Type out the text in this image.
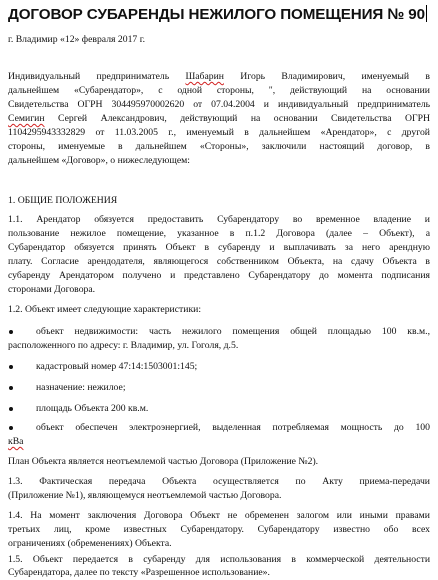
ДОГОВОР СУБАРЕНДЫ НЕЖИЛОГО ПОМЕЩЕНИЯ № 90
г. Владимир «12» февраля 2017 г.
Индивидуальный предприниматель Шабарин Игорь Владимирович, именуемый в
дальнейшем «Субарендатор», с одной стороны, ", действующий на основании
Свидетельства ОГРН 304495970002620 от 07.04.2004 и индивидуальный предприниматель
Семигин Сергей Александрович, действующий на основании Свидетельства ОГРН
1104295943332829 от 11.03.2005 г., именуемый в дальнейшем «Арендатор», с другой
стороны, именуемые в дальнейшем «Стороны», заключили настоящий договор, в
дальнейшем «Договор», о нижеследующем:
1. ОБЩИЕ ПОЛОЖЕНИЯ
1.1. Арендатор обязуется предоставить Субарендатору во временное владение и
пользование нежилое помещение, указанное в п.1.2 Договора (далее – Объект), а
Субарендатор обязуется принять Объект в субаренду и выплачивать за него арендную
плату. Согласие арендодателя, являющегося собственником Объекта, на сдачу Объекта в
субаренду Арендатором получено и представлено Субарендатору до момента подписания
сторонами Договора.
1.2. Объект имеет следующие характеристики:
объект недвижимости: часть нежилого помещения общей площадью 100 кв.м.,
расположенного по адресу: г. Владимир, ул. Гоголя, д.5.
кадастровый номер 47:14:1503001:145;
назначение: нежилое;
площадь Объекта 200 кв.м.
объект обеспечен электроэнергией, выделенная потребляемая мощность до 100
кВа
План Объекта является неотъемлемой частью Договора (Приложение №2).
1.3. Фактическая передача Объекта осуществляется по Акту приема-передачи
(Приложение №1), являющемуся неотъемлемой частью Договора.
1.4. На момент заключения Договора Объект не обременен залогом или иными правами
третьих лиц, кроме известных Субарендатору. Субарендатору известно обо всех
ограничениях (обременениях) Объекта.
1.5. Объект передается в субаренду для использования в коммерческой деятельности
Субарендатора, далее по тексту «Разрешенное использование».
